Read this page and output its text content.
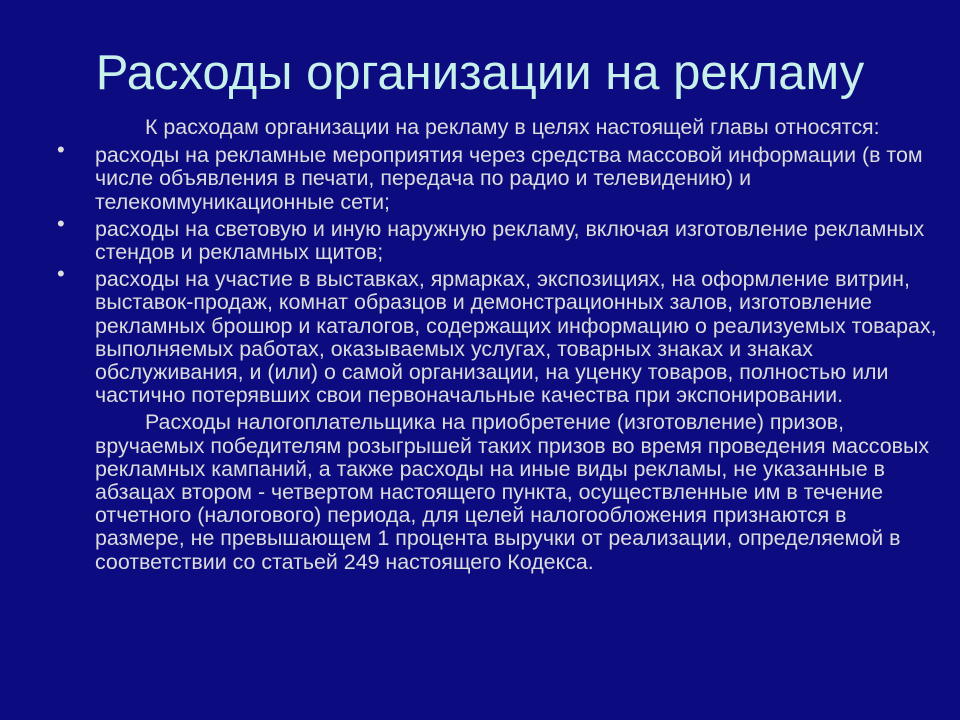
Расходы организации на рекламу

К расходам организации на рекламу в целях настоящей главы относятся:

• расходы на рекламные мероприятия через средства массовой информации (в том числе объявления в печати, передача по радио и телевидению) и телекоммуникационные сети;
• расходы на световую и иную наружную рекламу, включая изготовление рекламных стендов и рекламных щитов;
• расходы на участие в выставках, ярмарках, экспозициях, на оформление витрин, выставок-продаж, комнат образцов и демонстрационных залов, изготовление рекламных брошюр и каталогов, содержащих информацию о реализуемых товарах, выполняемых работах, оказываемых услугах, товарных знаках и знаках обслуживания, и (или) о самой организации, на уценку товаров, полностью или частично потерявших свои первоначальные качества при экспонировании.

Расходы налогоплательщика на приобретение (изготовление) призов, вручаемых победителям розыгрышей таких призов во время проведения массовых рекламных кампаний, а также расходы на иные виды рекламы, не указанные в абзацах втором - четвертом настоящего пункта, осуществленные им в течение отчетного (налогового) периода, для целей налогообложения признаются в размере, не превышающем 1 процента выручки от реализации, определяемой в соответствии со статьей 249 настоящего Кодекса.
